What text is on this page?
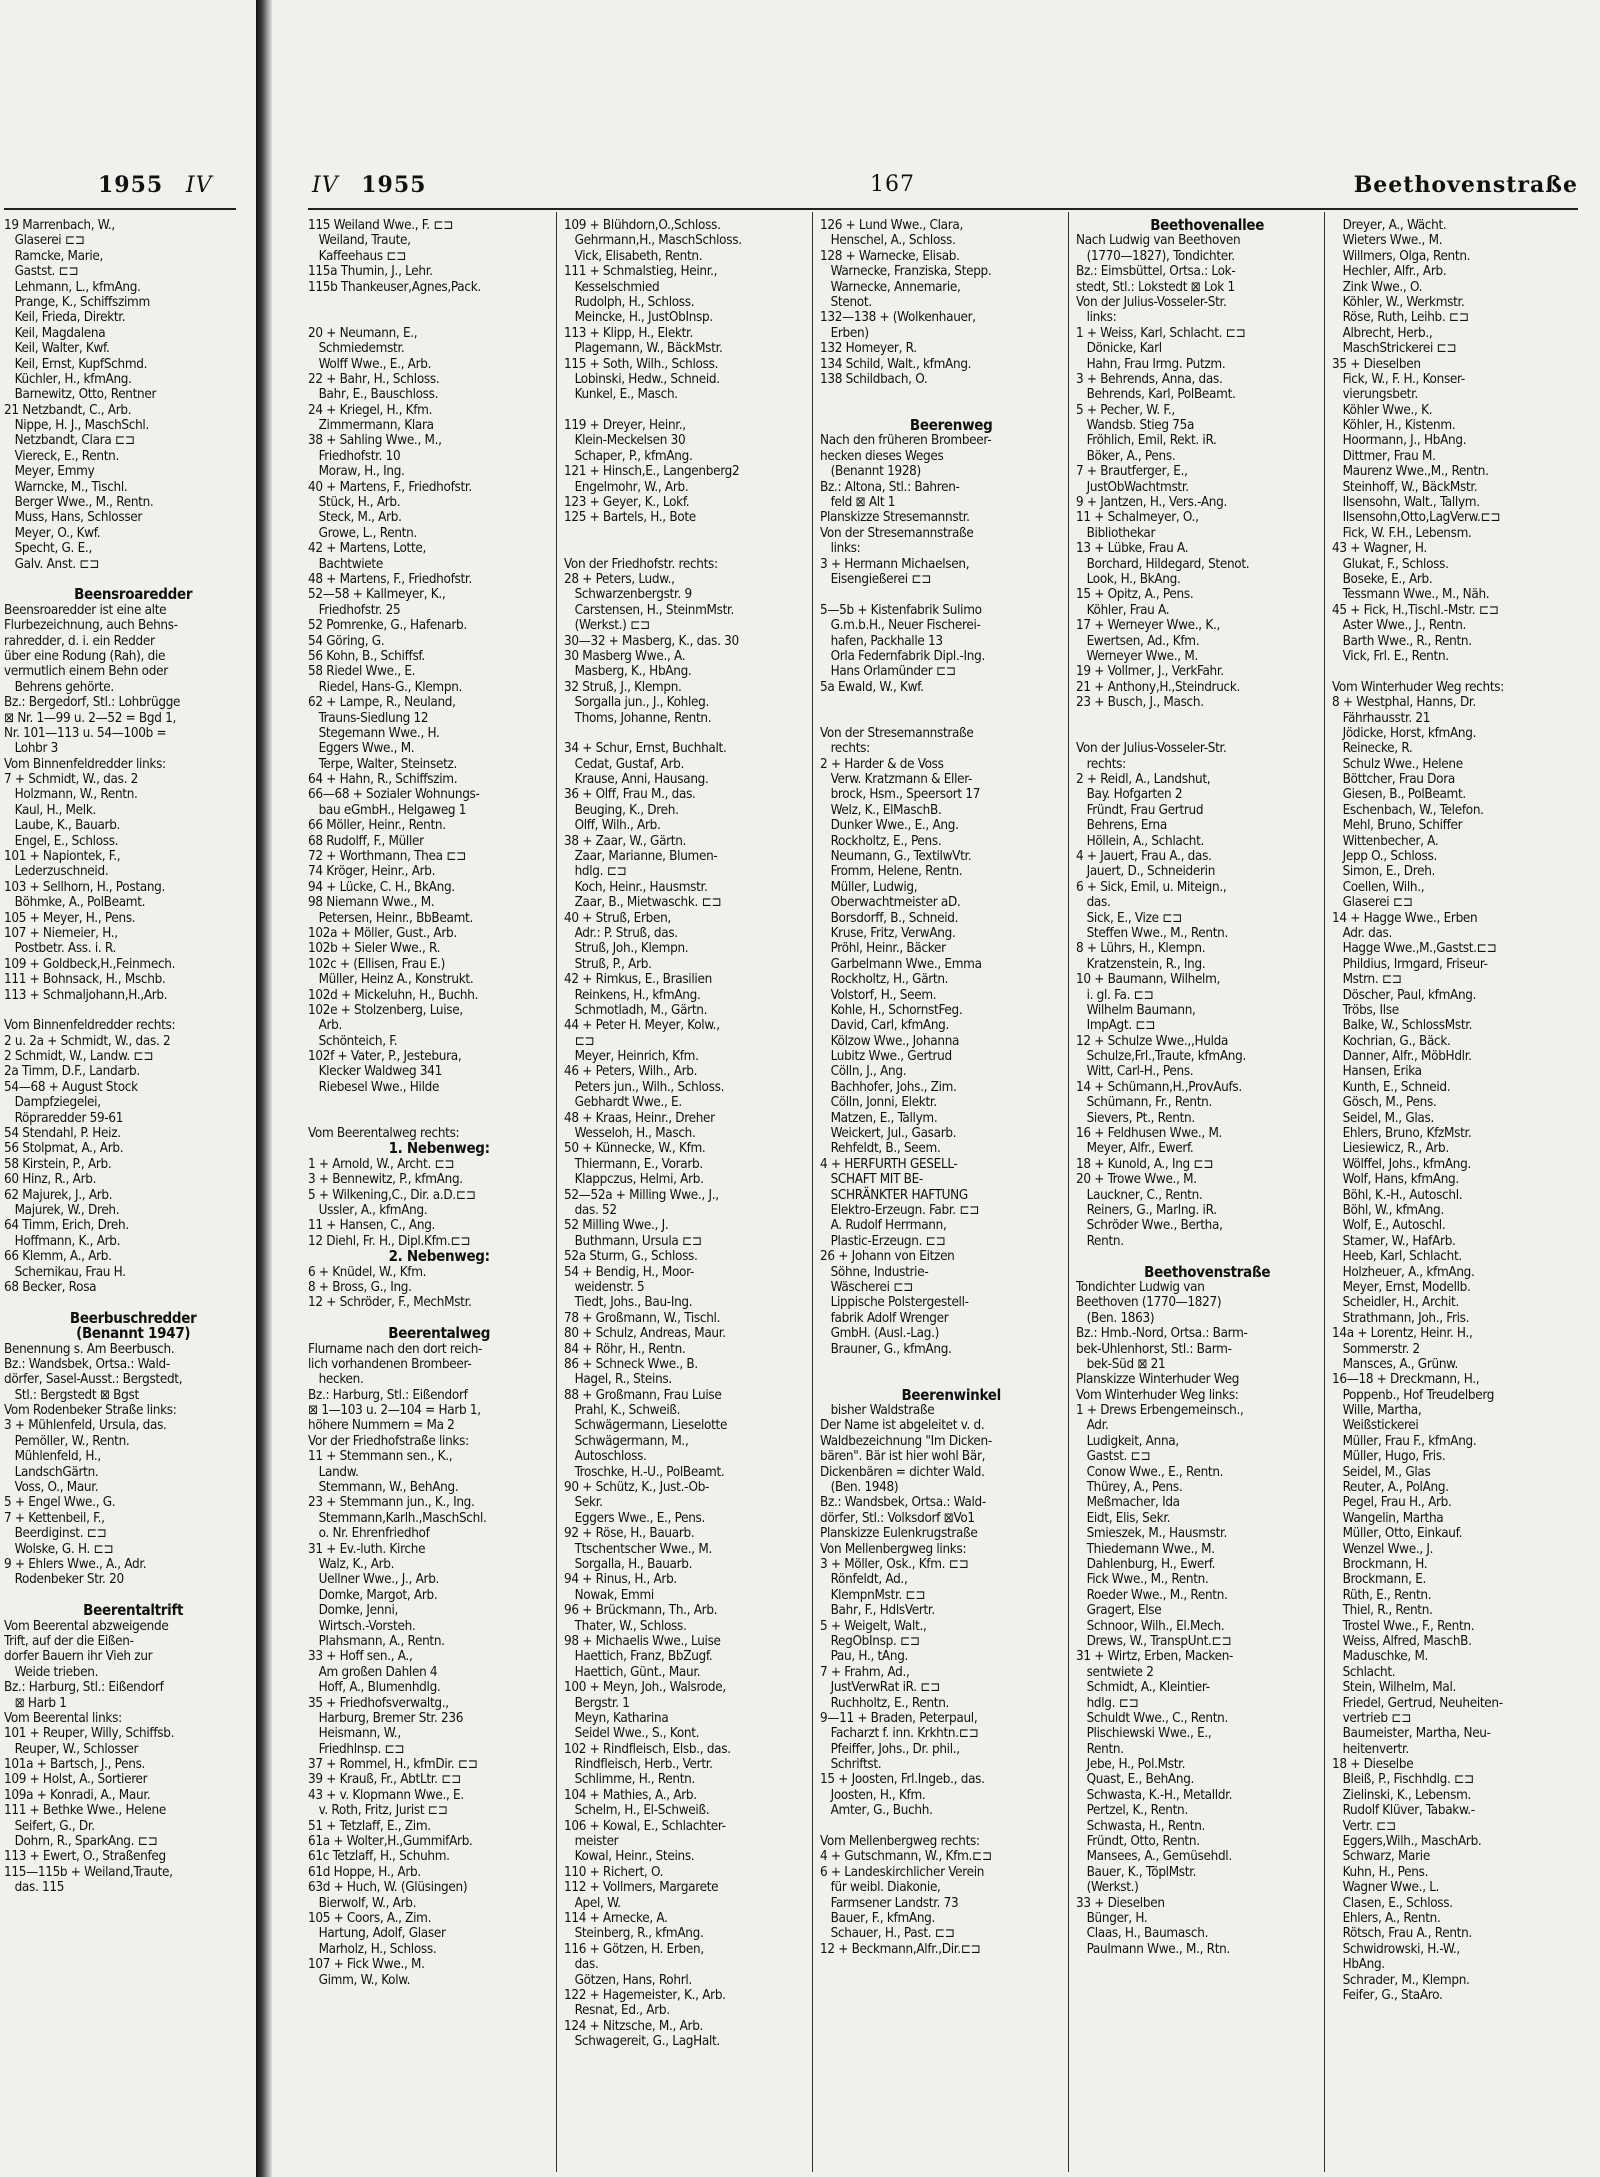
1955 IV
19 Marrenbach, W.,
Glaserei ⊏⊐
Ramcke, Marie,
Gastst. ⊏⊐
Lehmann, L., kfmAng.
Prange, K., Schiffszimm
Keil, Frieda, Direktr.
Keil, Magdalena
Keil, Walter, Kwf.
Keil, Ernst, KupfSchmd.
Küchler, H., kfmAng.
Barnewitz, Otto, Rentner
21 Netzbandt, C., Arb.
Nippe, H. J., MaschSchl.
Netzbandt, Clara ⊏⊐
Viereck, E., Rentn.
Meyer, Emmy
Warncke, M., Tischl.
Berger Wwe., M., Rentn.
Muss, Hans, Schlosser
Meyer, O., Kwf.
Specht, G. E.,
Galv. Anst. ⊏⊐
Beensroaredder
Beensroaredder ist eine alte
Flurbezeichnung, auch Behns-
rahredder, d. i. ein Redder
über eine Rodung (Rah), die
vermutlich einem Behn oder
Behrens gehörte.
Bz.: Bergedorf, Stl.: Lohbrügge
⊠ Nr. 1—99 u. 2—52 = Bgd 1,
Nr. 101—113 u. 54—100b =
Lohbr 3
Vom Binnenfeldredder links:
7 + Schmidt, W., das. 2
Holzmann, W., Rentn.
Kaul, H., Melk.
Laube, K., Bauarb.
Engel, E., Schloss.
101 + Napiontek, F.,
Lederzuschneid.
103 + Sellhorn, H., Postang.
Böhmke, A., PolBeamt.
105 + Meyer, H., Pens.
107 + Niemeier, H.,
Postbetr. Ass. i. R.
109 + Goldbeck,H.,Feinmech.
111 + Bohnsack, H., Mschb.
113 + Schmaljohann,H.,Arb.
Vom Binnenfeldredder rechts:
2 u. 2a + Schmidt, W., das. 2
2 Schmidt, W., Landw. ⊏⊐
2a Timm, D.F., Landarb.
54—68 + August Stock
Dampfziegelei,
Röpraredder 59-61
54 Stendahl, P. Heiz.
56 Stolpmat, A., Arb.
58 Kirstein, P., Arb.
60 Hinz, R., Arb.
62 Majurek, J., Arb.
Majurek, W., Dreh.
64 Timm, Erich, Dreh.
Hoffmann, K., Arb.
66 Klemm, A., Arb.
Schernikau, Frau H.
68 Becker, Rosa
Beerbuschredder
(Benannt 1947)
Benennung s. Am Beerbusch.
Bz.: Wandsbek, Ortsa.: Wald-
dörfer, Sasel-Ausst.: Bergstedt,
Stl.: Bergstedt ⊠ Bgst
Vom Rodenbeker Straße links:
3 + Mühlenfeld, Ursula, das.
Pemöller, W., Rentn.
Mühlenfeld, H.,
LandschGärtn.
Voss, O., Maur.
5 + Engel Wwe., G.
7 + Kettenbeil, F.,
Beerdiginst. ⊏⊐
Wolske, G. H. ⊏⊐
9 + Ehlers Wwe., A., Adr.
Rodenbeker Str. 20
Beerentaltrift
Vom Beerental abzweigende
Trift, auf der die Eißen-
dorfer Bauern ihr Vieh zur
Weide trieben.
Bz.: Harburg, Stl.: Eißendorf
⊠ Harb 1
Vom Beerental links:
101 + Reuper, Willy, Schiffsb.
Reuper, W., Schlosser
101a + Bartsch, J., Pens.
109 + Holst, A., Sortierer
109a + Konradi, A., Maur.
111 + Bethke Wwe., Helene
Seifert, G., Dr.
Dohrn, R., SparkAng. ⊏⊐
113 + Ewert, O., Straßenfeg
115—115b + Weiland,Traute,
das. 115
IV 1955	167	Beethovenstraße
115 Weiland Wwe., F. ⊏⊐
Weiland, Traute,
Kaffeehaus ⊏⊐
115a Thumin, J., Lehr.
115b Thankeuser,Agnes,Pack.
20 + Neumann, E.,
Schmiedemstr.
Wolff Wwe., E., Arb.
22 + Bahr, H., Schloss.
Bahr, E., Bauschloss.
24 + Kriegel, H., Kfm.
Zimmermann, Klara
38 + Sahling Wwe., M.,
Friedhofstr. 10
Moraw, H., Ing.
40 + Martens, F., Friedhofstr.
Stück, H., Arb.
Steck, M., Arb.
Growe, L., Rentn.
42 + Martens, Lotte,
Bachtwiete
48 + Martens, F., Friedhofstr.
52—58 + Kallmeyer, K.,
Friedhofstr. 25
52 Pomrenke, G., Hafenarb.
54 Göring, G.
56 Kohn, B., Schiffsf.
58 Riedel Wwe., E.
Riedel, Hans-G., Klempn.
62 + Lampe, R., Neuland,
Trauns-Siedlung 12
Stegemann Wwe., H.
Eggers Wwe., M.
Terpe, Walter, Steinsetz.
64 + Hahn, R., Schiffszim.
66—68 + Sozialer Wohnungs-
bau eGmbH., Helgaweg 1
66 Möller, Heinr., Rentn.
68 Rudolff, F., Müller
72 + Worthmann, Thea ⊏⊐
74 Kröger, Heinr., Arb.
94 + Lücke, C. H., BkAng.
98 Niemann Wwe., M.
Petersen, Heinr., BbBeamt.
102a + Möller, Gust., Arb.
102b + Sieler Wwe., R.
102c + (Ellisen, Frau E.)
Müller, Heinz A., Konstrukt.
102d + Mickeluhn, H., Buchh.
102e + Stolzenberg, Luise,
Arb.
Schönteich, F.
102f + Vater, P., Jestebura,
Klecker Waldweg 341
Riebesel Wwe., Hilde
Vom Beerentalweg rechts:
1. Nebenweg:
1 + Arnold, W., Archt. ⊏⊐
3 + Bennewitz, P., kfmAng.
5 + Wilkening,C., Dir. a.D.⊏⊐
Ussler, A., kfmAng.
11 + Hansen, C., Ang.
12 Diehl, Fr. H., Dipl.Kfm.⊏⊐
2. Nebenweg:
6 + Knüdel, W., Kfm.
8 + Bross, G., Ing.
12 + Schröder, F., MechMstr.
Beerentalweg
Flurname nach den dort reich-
lich vorhandenen Brombeer-
hecken.
Bz.: Harburg, Stl.: Eißendorf
⊠ 1—103 u. 2—104 = Harb 1,
höhere Nummern = Ma 2
Vor der Friedhofstraße links:
11 + Stemmann sen., K.,
Landw.
Stemmann, W., BehAng.
23 + Stemmann jun., K., Ing.
Stemmann,Karlh.,MaschSchl.
o. Nr. Ehrenfriedhof
31 + Ev.-luth. Kirche
Walz, K., Arb.
Uellner Wwe., J., Arb.
Domke, Margot, Arb.
Domke, Jenni,
Wirtsch.-Vorsteh.
Plahsmann, A., Rentn.
33 + Hoff sen., A.,
Am großen Dahlen 4
Hoff, A., Blumenhdlg.
35 + Friedhofsverwaltg.,
Harburg, Bremer Str. 236
Heismann, W.,
Friedhlnsp. ⊏⊐
37 + Rommel, H., kfmDir. ⊏⊐
39 + Krauß, Fr., AbtLtr. ⊏⊐
43 + v. Klopmann Wwe., E.
v. Roth, Fritz, Jurist ⊏⊐
51 + Tetzlaff, E., Zim.
61a + Wolter,H.,GummifArb.
61c Tetzlaff, H., Schuhm.
61d Hoppe, H., Arb.
63d + Huch, W. (Glüsingen)
Bierwolf, W., Arb.
105 + Coors, A., Zim.
Hartung, Adolf, Glaser
Marholz, H., Schloss.
107 + Fick Wwe., M.
Gimm, W., Kolw.
109 + Blühdorn,O.,Schloss.
Gehrmann,H., MaschSchloss.
Vick, Elisabeth, Rentn.
111 + Schmalstieg, Heinr.,
Kesselschmied
Rudolph, H., Schloss.
Meincke, H., JustObInsp.
113 + Klipp, H., Elektr.
Plagemann, W., BäckMstr.
115 + Soth, Wilh., Schloss.
Lobinski, Hedw., Schneid.
Kunkel, E., Masch.
119 + Dreyer, Heinr.,
Klein-Meckelsen 30
Schaper, P., kfmAng.
121 + Hinsch,E., Langenberg2
Engelmohr, W., Arb.
123 + Geyer, K., Lokf.
125 + Bartels, H., Bote
Von der Friedhofstr. rechts:
28 + Peters, Ludw.,
Schwarzenbergstr. 9
Carstensen, H., SteinmMstr.
(Werkst.) ⊏⊐
30—32 + Masberg, K., das. 30
30 Masberg Wwe., A.
Masberg, K., HbAng.
32 Struß, J., Klempn.
Sorgalla jun., J., Kohleg.
Thoms, Johanne, Rentn.
34 + Schur, Ernst, Buchhalt.
Cedat, Gustaf, Arb.
Krause, Anni, Hausang.
36 + Olff, Frau M., das.
Beuging, K., Dreh.
Olff, Wilh., Arb.
38 + Zaar, W., Gärtn.
Zaar, Marianne, Blumen-
hdlg. ⊏⊐
Koch, Heinr., Hausmstr.
Zaar, B., Mietwaschk. ⊏⊐
40 + Struß, Erben,
Adr.: P. Struß, das.
Struß, Joh., Klempn.
Struß, P., Arb.
42 + Rimkus, E., Brasilien
Reinkens, H., kfmAng.
Schmotladh, M., Gärtn.
44 + Peter H. Meyer, Kolw.,
⊏⊐
Meyer, Heinrich, Kfm.
46 + Peters, Wilh., Arb.
Peters jun., Wilh., Schloss.
Gebhardt Wwe., E.
48 + Kraas, Heinr., Dreher
Wesseloh, H., Masch.
50 + Künnecke, W., Kfm.
Thiermann, E., Vorarb.
Klappczus, Helmi, Arb.
52—52a + Milling Wwe., J.,
das. 52
52 Milling Wwe., J.
Buthmann, Ursula ⊏⊐
52a Sturm, G., Schloss.
54 + Bendig, H., Moor-
weidenstr. 5
Tiedt, Johs., Bau-Ing.
78 + Großmann, W., Tischl.
80 + Schulz, Andreas, Maur.
84 + Röhr, H., Rentn.
86 + Schneck Wwe., B.
Hagel, R., Steins.
88 + Großmann, Frau Luise
Prahl, K., Schweiß.
Schwägermann, Lieselotte
Schwägermann, M.,
Autoschloss.
Troschke, H.-U., PolBeamt.
90 + Schütz, K., Just.-Ob-
Sekr.
Eggers Wwe., E., Pens.
92 + Röse, H., Bauarb.
Ttschentscher Wwe., M.
Sorgalla, H., Bauarb.
94 + Rinus, H., Arb.
Nowak, Emmi
96 + Brückmann, Th., Arb.
Thater, W., Schloss.
98 + Michaelis Wwe., Luise
Haettich, Franz, BbZugf.
Haettich, Günt., Maur.
100 + Meyn, Joh., Walsrode,
Bergstr. 1
Meyn, Katharina
Seidel Wwe., S., Kont.
102 + Rindfleisch, Elsb., das.
Rindfleisch, Herb., Vertr.
Schlimme, H., Rentn.
104 + Mathies, A., Arb.
Schelm, H., El-Schweiß.
106 + Kowal, E., Schlachter-
meister
Kowal, Heinr., Steins.
110 + Richert, O.
112 + Vollmers, Margarete
Apel, W.
114 + Arnecke, A.
Steinberg, R., kfmAng.
116 + Götzen, H. Erben,
das.
Götzen, Hans, Rohrl.
122 + Hagemeister, K., Arb.
Resnat, Ed., Arb.
124 + Nitzsche, M., Arb.
Schwagereit, G., LagHalt.
126 + Lund Wwe., Clara,
Henschel, A., Schloss.
128 + Warnecke, Elisab.
Warnecke, Franziska, Stepp.
Warnecke, Annemarie,
Stenot.
132—138 + (Wolkenhauer,
Erben)
132 Homeyer, R.
134 Schild, Walt., kfmAng.
138 Schildbach, O.
Beerenweg
Nach den früheren Brombeer-
hecken dieses Weges
(Benannt 1928)
Bz.: Altona, Stl.: Bahren-
feld ⊠ Alt 1
Planskizze Stresemannstr.
Von der Stresemannstraße
links:
3 + Hermann Michaelsen,
Eisengießerei ⊏⊐
5—5b + Kistenfabrik Sulimo
G.m.b.H., Neuer Fischerei-
hafen, Packhalle 13
Orla Federnfabrik Dipl.-Ing.
Hans Orlamünder ⊏⊐
5a Ewald, W., Kwf.
Von der Stresemannstraße
rechts:
2 + Harder & de Voss
Verw. Kratzmann & Eller-
brock, Hsm., Speersort 17
Welz, K., ElMaschB.
Dunker Wwe., E., Ang.
Rockholtz, E., Pens.
Neumann, G., TextilwVtr.
Fromm, Helene, Rentn.
Müller, Ludwig,
Oberwachtmeister aD.
Borsdorff, B., Schneid.
Kruse, Fritz, VerwAng.
Pröhl, Heinr., Bäcker
Garbelmann Wwe., Emma
Rockholtz, H., Gärtn.
Volstorf, H., Seem.
Kohle, H., SchornstFeg.
David, Carl, kfmAng.
Kölzow Wwe., Johanna
Lubitz Wwe., Gertrud
Cölln, J., Ang.
Bachhofer, Johs., Zim.
Cölln, Jonni, Elektr.
Matzen, E., Tallym.
Weickert, Jul., Gasarb.
Rehfeldt, B., Seem.
4 + HERFURTH GESELL-
SCHAFT MIT BE-
SCHRÄNKTER HAFTUNG
Elektro-Erzeugn. Fabr. ⊏⊐
A. Rudolf Herrmann,
Plastic-Erzeugn. ⊏⊐
26 + Johann von Eitzen
Söhne, Industrie-
Wäscherei ⊏⊐
Lippische Polstergestell-
fabrik Adolf Wrenger
GmbH. (Ausl.-Lag.)
Brauner, G., kfmAng.
Beerenwinkel
bisher Waldstraße
Der Name ist abgeleitet v. d.
Waldbezeichnung "Im Dicken-
bären". Bär ist hier wohl Bär,
Dickenbären = dichter Wald.
(Ben. 1948)
Bz.: Wandsbek, Ortsa.: Wald-
dörfer, Stl.: Volksdorf ⊠Vo1
Planskizze Eulenkrugstraße
Von Mellenbergweg links:
3 + Möller, Osk., Kfm. ⊏⊐
Rönfeldt, Ad.,
KlempnMstr. ⊏⊐
Bahr, F., HdlsVertr.
5 + Weigelt, Walt.,
RegObInsp. ⊏⊐
Pau, H., tAng.
7 + Frahm, Ad.,
JustVerwRat iR. ⊏⊐
Ruchholtz, E., Rentn.
9—11 + Braden, Peterpaul,
Facharzt f. inn. Krkhtn.⊏⊐
Pfeiffer, Johs., Dr. phil.,
Schriftst.
15 + Joosten, Frl.Ingeb., das.
Joosten, H., Kfm.
Amter, G., Buchh.
Vom Mellenbergweg rechts:
4 + Gutschmann, W., Kfm.⊏⊐
6 + Landeskirchlicher Verein
für weibl. Diakonie,
Farmsener Landstr. 73
Bauer, F., kfmAng.
Schauer, H., Past. ⊏⊐
12 + Beckmann,Alfr.,Dir.⊏⊐
Beethovenallee
Nach Ludwig van Beethoven
(1770—1827), Tondichter.
Bz.: Eimsbüttel, Ortsa.: Lok-
stedt, Stl.: Lokstedt ⊠ Lok 1
Von der Julius-Vosseler-Str.
links:
1 + Weiss, Karl, Schlacht. ⊏⊐
Dönicke, Karl
Hahn, Frau Irmg. Putzm.
3 + Behrends, Anna, das.
Behrends, Karl, PolBeamt.
5 + Pecher, W. F.,
Wandsb. Stieg 75a
Fröhlich, Emil, Rekt. iR.
Böker, A., Pens.
7 + Brautferger, E.,
JustObWachtmstr.
9 + Jantzen, H., Vers.-Ang.
11 + Schalmeyer, O.,
Bibliothekar
13 + Lübke, Frau A.
Borchard, Hildegard, Stenot.
Look, H., BkAng.
15 + Opitz, A., Pens.
Köhler, Frau A.
17 + Werneyer Wwe., K.,
Ewertsen, Ad., Kfm.
Werneyer Wwe., M.
19 + Vollmer, J., VerkFahr.
21 + Anthony,H.,Steindruck.
23 + Busch, J., Masch.
Von der Julius-Vosseler-Str.
rechts:
2 + Reidl, A., Landshut,
Bay. Hofgarten 2
Fründt, Frau Gertrud
Behrens, Erna
Höllein, A., Schlacht.
4 + Jauert, Frau A., das.
Jauert, D., Schneiderin
6 + Sick, Emil, u. Miteign.,
das.
Sick, E., Vize ⊏⊐
Steffen Wwe., M., Rentn.
8 + Lührs, H., Klempn.
Kratzenstein, R., Ing.
10 + Baumann, Wilhelm,
i. gl. Fa. ⊏⊐
Wilhelm Baumann,
ImpAgt. ⊏⊐
12 + Schulze Wwe.,,Hulda
Schulze,Frl.,Traute, kfmAng.
Witt, Carl-H., Pens.
14 + Schümann,H.,ProvAufs.
Schümann, Fr., Rentn.
Sievers, Pt., Rentn.
16 + Feldhusen Wwe., M.
Meyer, Alfr., Ewerf.
18 + Kunold, A., Ing ⊏⊐
20 + Trowe Wwe., M.
Lauckner, C., Rentn.
Reiners, G., Marlng. iR.
Schröder Wwe., Bertha,
Rentn.
Beethovenstraße
Tondichter Ludwig van
Beethoven (1770—1827)
(Ben. 1863)
Bz.: Hmb.-Nord, Ortsa.: Barm-
bek-Uhlenhorst, Stl.: Barm-
bek-Süd ⊠ 21
Planskizze Winterhuder Weg
Vom Winterhuder Weg links:
1 + Drews Erbengemeinsch.,
Adr.
Ludigkeit, Anna,
Gastst. ⊏⊐
Conow Wwe., E., Rentn.
Thürey, A., Pens.
Meßmacher, Ida
Eidt, Elis, Sekr.
Smieszek, M., Hausmstr.
Thiedemann Wwe., M.
Dahlenburg, H., Ewerf.
Fick Wwe., M., Rentn.
Roeder Wwe., M., Rentn.
Gragert, Else
Schnoor, Wilh., El.Mech.
Drews, W., TranspUnt.⊏⊐
31 + Wirtz, Erben, Macken-
sentwiete 2
Schmidt, A., Kleintier-
hdlg. ⊏⊐
Schuldt Wwe., C., Rentn.
Plischiewski Wwe., E.,
Rentn.
Jebe, H., Pol.Mstr.
Quast, E., BehAng.
Schwasta, K.-H., Metalldr.
Pertzel, K., Rentn.
Schwasta, H., Rentn.
Fründt, Otto, Rentn.
Mansees, A., Gemüsehdl.
Bauer, K., TöplMstr.
(Werkst.)
33 + Dieselben
Bünger, H.
Claas, H., Baumasch.
Paulmann Wwe., M., Rtn.
Dreyer, A., Wächt.
Wieters Wwe., M.
Willmers, Olga, Rentn.
Hechler, Alfr., Arb.
Zink Wwe., O.
Köhler, W., Werkmstr.
Röse, Ruth, Leihb. ⊏⊐
Albrecht, Herb.,
MaschStrickerei ⊏⊐
35 + Dieselben
Fick, W., F. H., Konser-
vierungsbetr.
Köhler Wwe., K.
Köhler, H., Kistenm.
Hoormann, J., HbAng.
Dittmer, Frau M.
Maurenz Wwe.,M., Rentn.
Steinhoff, W., BäckMstr.
Ilsensohn, Walt., Tallym.
Ilsensohn,Otto,LagVerw.⊏⊐
Fick, W. F.H., Lebensm.
43 + Wagner, H.
Glukat, F., Schloss.
Boseke, E., Arb.
Tessmann Wwe., M., Näh.
45 + Fick, H.,Tischl.-Mstr. ⊏⊐
Aster Wwe., J., Rentn.
Barth Wwe., R., Rentn.
Vick, Frl. E., Rentn.
Vom Winterhuder Weg rechts:
8 + Westphal, Hanns, Dr.
Fährhausstr. 21
Jödicke, Horst, kfmAng.
Reinecke, R.
Schulz Wwe., Helene
Böttcher, Frau Dora
Giesen, B., PolBeamt.
Eschenbach, W., Telefon.
Mehl, Bruno, Schiffer
Wittenbecher, A.
Jepp O., Schloss.
Simon, E., Dreh.
Coellen, Wilh.,
Glaserei ⊏⊐
14 + Hagge Wwe., Erben
Adr. das.
Hagge Wwe.,M.,Gastst.⊏⊐
Phildius, Irmgard, Friseur-
Mstrn. ⊏⊐
Döscher, Paul, kfmAng.
Tröbs, Ilse
Balke, W., SchlossMstr.
Kochrian, G., Bäck.
Danner, Alfr., MöbHdlr.
Hansen, Erika
Kunth, E., Schneid.
Gösch, M., Pens.
Seidel, M., Glas.
Ehlers, Bruno, KfzMstr.
Liesiewicz, R., Arb.
Wölffel, Johs., kfmAng.
Wolf, Hans, kfmAng.
Böhl, K.-H., Autoschl.
Böhl, W., kfmAng.
Wolf, E., Autoschl.
Stamer, W., HafArb.
Heeb, Karl, Schlacht.
Holzheuer, A., kfmAng.
Meyer, Ernst, Modellb.
Scheidler, H., Archit.
Strathmann, Joh., Fris.
14a + Lorentz, Heinr. H.,
Sommerstr. 2
Mansces, A., Grünw.
16—18 + Dreckmann, H.,
Poppenb., Hof Treudelberg
Wille, Martha,
Weißstickerei
Müller, Frau F., kfmAng.
Müller, Hugo, Fris.
Seidel, M., Glas
Reuter, A., PolAng.
Pegel, Frau H., Arb.
Wangelin, Martha
Müller, Otto, Einkauf.
Wenzel Wwe., J.
Brockmann, H.
Brockmann, E.
Rüth, E., Rentn.
Thiel, R., Rentn.
Trostel Wwe., F., Rentn.
Weiss, Alfred, MaschB.
Maduschke, M.
Schlacht.
Stein, Wilhelm, Mal.
Friedel, Gertrud, Neuheiten-
vertrieb ⊏⊐
Baumeister, Martha, Neu-
heitenvertr.
18 + Dieselbe
Bleiß, P., Fischhdlg. ⊏⊐
Zielinski, K., Lebensm.
Rudolf Klüver, Tabakw.-
Vertr. ⊏⊐
Eggers,Wilh., MaschArb.
Schwarz, Marie
Kuhn, H., Pens.
Wagner Wwe., L.
Clasen, E., Schloss.
Ehlers, A., Rentn.
Rötsch, Frau A., Rentn.
Schwidrowski, H.-W.,
HbAng.
Schrader, M., Klempn.
Feifer, G., StaAro.
